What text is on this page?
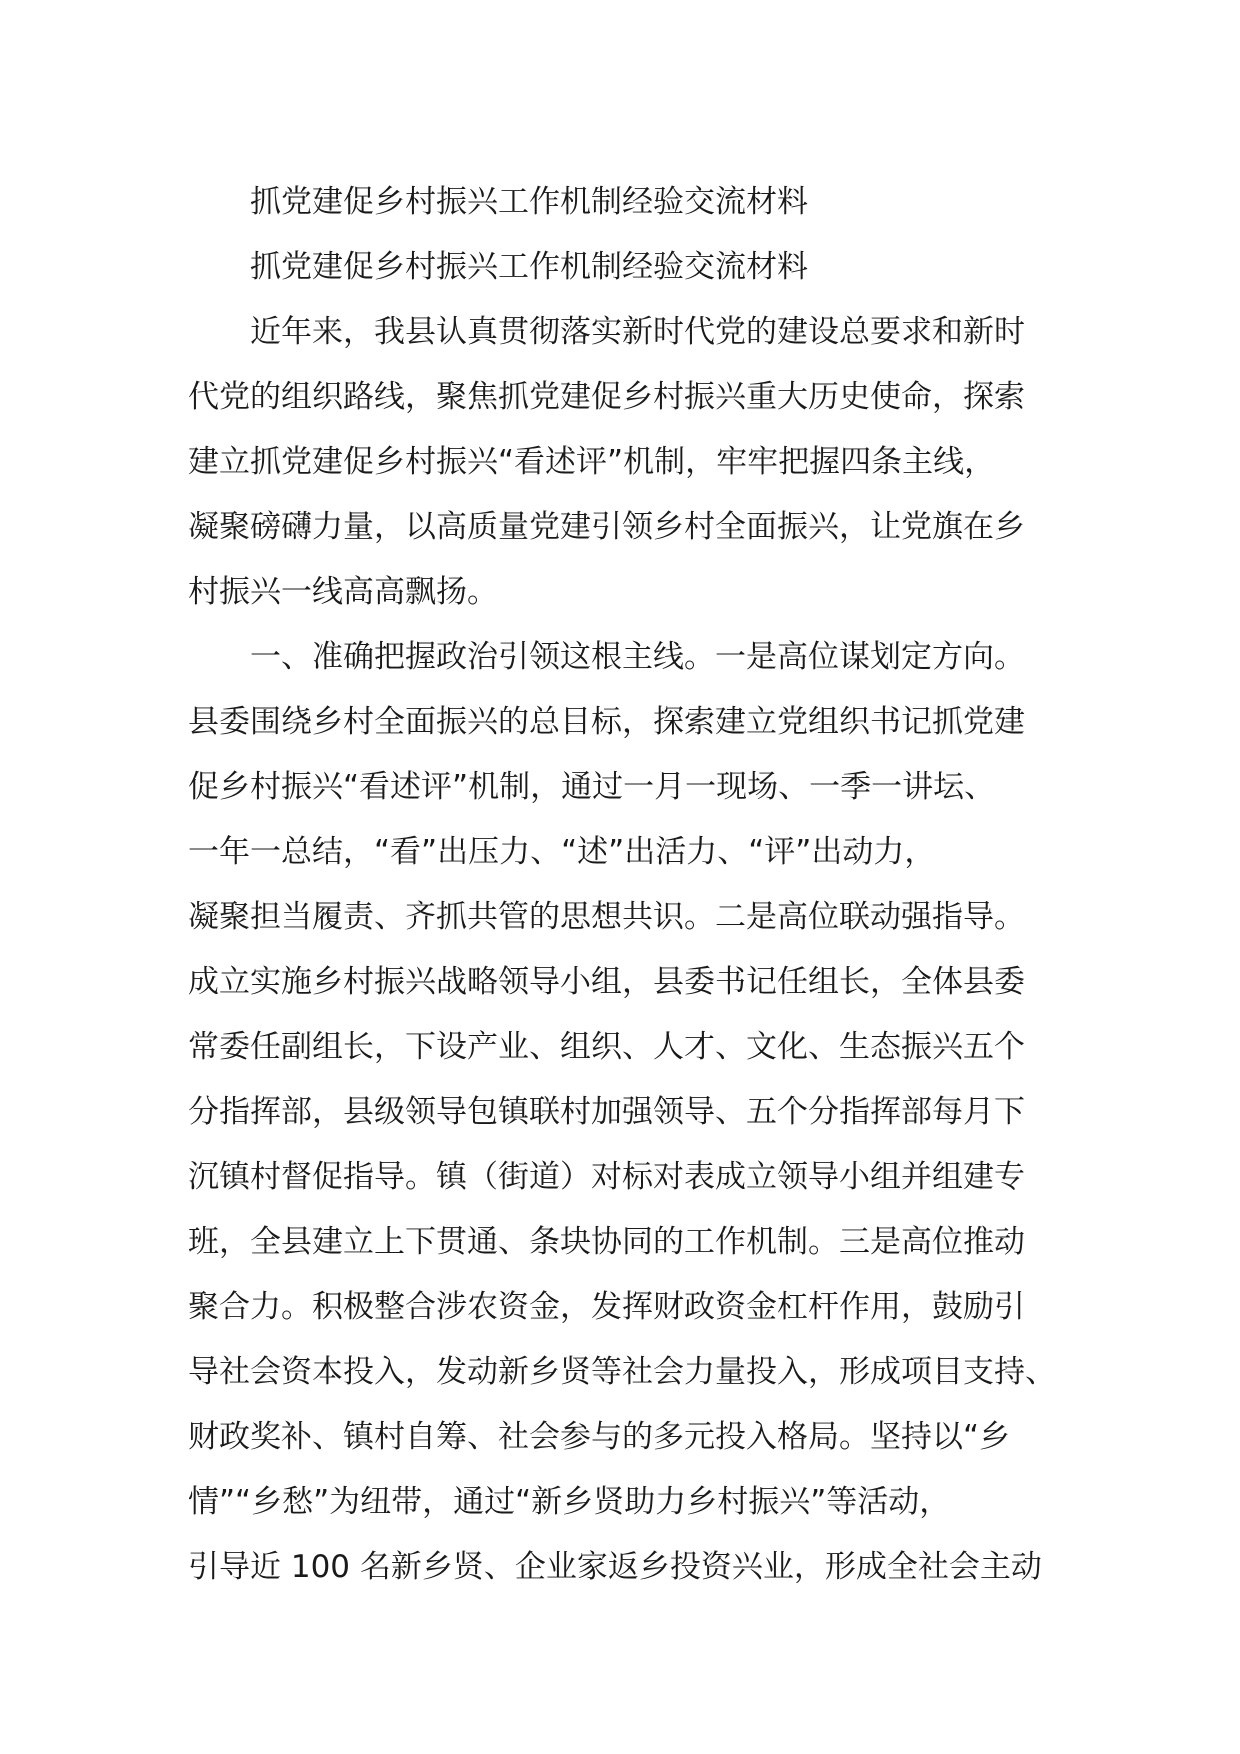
抓党建促乡村振兴工作机制经验交流材料

抓党建促乡村振兴工作机制经验交流材料

近年来，我县认真贯彻落实新时代党的建设总要求和新时
代党的组织路线，聚焦抓党建促乡村振兴重大历史使命，探索
建立抓党建促乡村振兴“看述评”机制，牢牢把握四条主线，
凝聚磅礴力量，以高质量党建引领乡村全面振兴，让党旗在乡
村振兴一线高高飘扬。
一、准确把握政治引领这根主线。一是高位谋划定方向。
县委围绕乡村全面振兴的总目标，探索建立党组织书记抓党建
促乡村振兴“看述评”机制，通过一月一现场、一季一讲坛、
一年一总结，“看”出压力、“述”出活力、“评”出动力，
凝聚担当履责、齐抓共管的思想共识。二是高位联动强指导。
成立实施乡村振兴战略领导小组，县委书记任组长，全体县委
常委任副组长，下设产业、组织、人才、文化、生态振兴五个
分指挥部，县级领导包镇联村加强领导、五个分指挥部每月下
沉镇村督促指导。镇（街道）对标对表成立领导小组并组建专
班，全县建立上下贯通、条块协同的工作机制。三是高位推动
聚合力。积极整合涉农资金，发挥财政资金杠杆作用，鼓励引
导社会资本投入，发动新乡贤等社会力量投入，形成项目支持、
财政奖补、镇村自筹、社会参与的多元投入格局。坚持以“乡
情”“乡愁”为纽带，通过“新乡贤助力乡村振兴”等活动，
引导近 100 名新乡贤、企业家返乡投资兴业，形成全社会主动
